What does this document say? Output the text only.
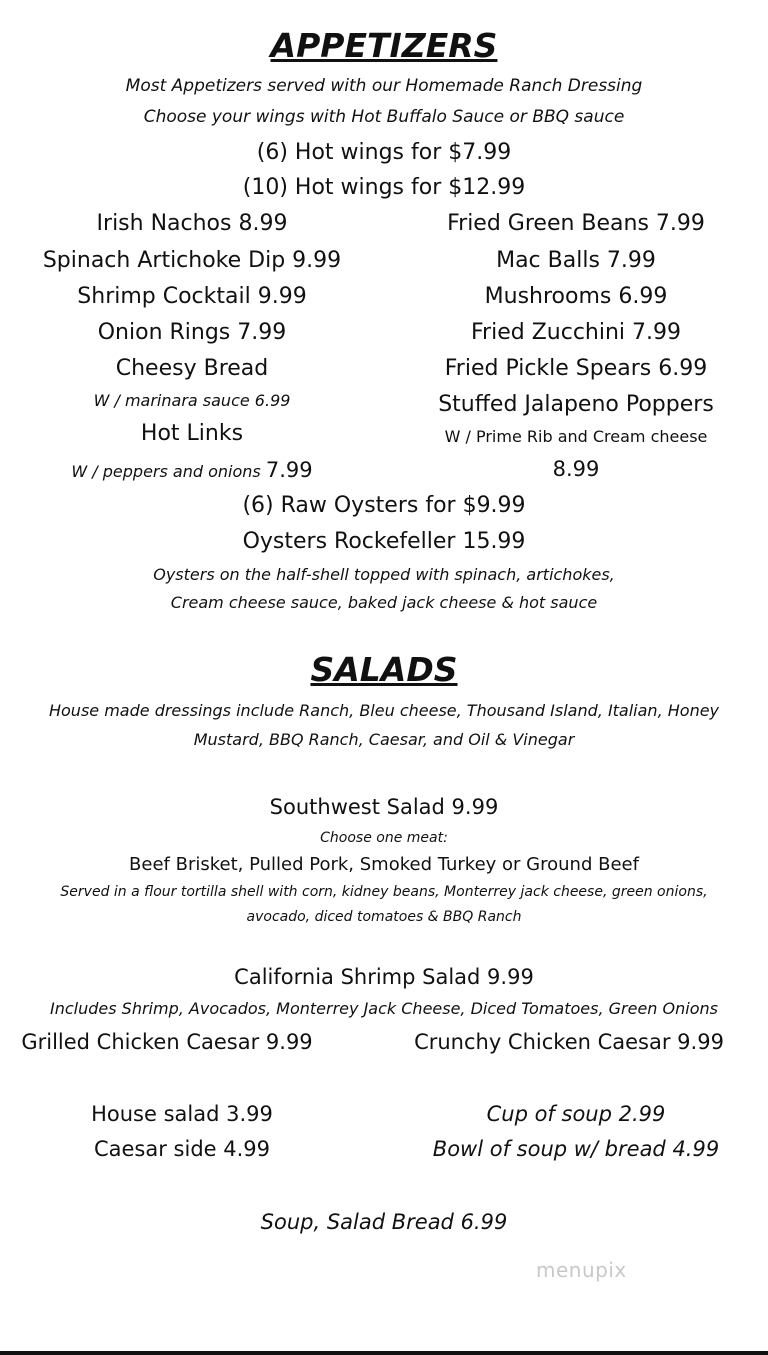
APPETIZERS
Most Appetizers served with our Homemade Ranch Dressing
Choose your wings with Hot Buffalo Sauce or BBQ sauce
(6) Hot wings for $7.99
(10) Hot wings for $12.99
Irish Nachos 8.99	Fried Green Beans 7.99
Spinach Artichoke Dip 9.99	Mac Balls 7.99
Shrimp Cocktail 9.99	Mushrooms 6.99
Onion Rings 7.99	Fried Zucchini 7.99
Cheesy Bread	Fried Pickle Spears 6.99
W / marinara sauce 6.99	Stuffed Jalapeno Poppers
Hot Links	W / Prime Rib and Cream cheese
W / peppers and onions 7.99	8.99
(6) Raw Oysters for $9.99
Oysters Rockefeller 15.99
Oysters on the half-shell topped with spinach, artichokes,
Cream cheese sauce, baked jack cheese & hot sauce
SALADS
House made dressings include Ranch, Bleu cheese, Thousand Island, Italian, Honey
Mustard, BBQ Ranch, Caesar, and Oil & Vinegar
Southwest Salad 9.99
Choose one meat:
Beef Brisket, Pulled Pork, Smoked Turkey or Ground Beef
Served in a flour tortilla shell with corn, kidney beans, Monterrey jack cheese, green onions,
avocado, diced tomatoes & BBQ Ranch
California Shrimp Salad 9.99
Includes Shrimp, Avocados, Monterrey Jack Cheese, Diced Tomatoes, Green Onions
Grilled Chicken Caesar 9.99	Crunchy Chicken Caesar 9.99
House salad 3.99	Cup of soup 2.99
Caesar side 4.99	Bowl of soup w/ bread 4.99
Soup, Salad Bread 6.99
menupix
